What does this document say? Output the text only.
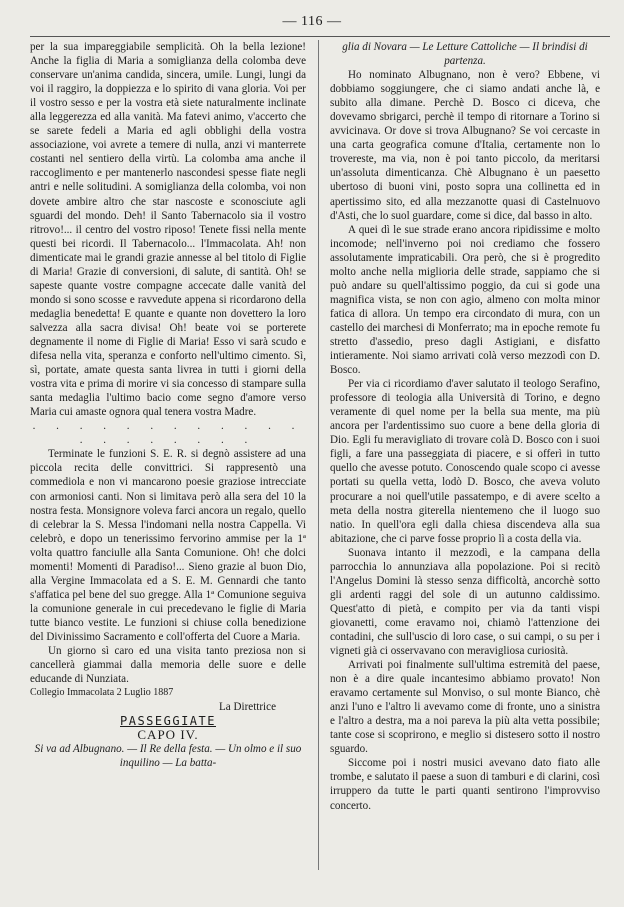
— 116 —

per la sua impareggiabile semplicità. Oh la bella lezione! Anche la figlia di Maria a somiglianza della colomba deve conservare un'anima candida, sincera, umile. Lungi, lungi da voi il raggiro, la doppiezza e lo spirito di vana gloria. Voi per il vostro sesso e per la vostra età siete naturalmente inclinate alla leggerezza ed alla vanità. Ma fatevi animo, v'accerto che se sarete fedeli a Maria ed agli obblighi della vostra associazione, voi avrete a temere di nulla, anzi vi manterrete costanti nel sentiero della virtù. La colomba ama anche il raccoglimento e per mantenerlo nascondesi spesse fiate negli antri e nelle solitudini. A somiglianza della colomba, voi non dovete ambire altro che star nascoste e sconosciute agli sguardi del mondo. Deh! il Santo Tabernacolo sia il vostro ritrovo!... il centro del vostro riposo! Tenete fissi nella mente questi bei ricordi. Il Tabernacolo... l'Immacolata. Ah! non dimenticate mai le grandi grazie annesse al bel titolo di Figlie di Maria! Grazie di conversioni, di salute, di santità. Oh! se sapeste quante vostre compagne accecate dalle vanità del mondo si sono scosse e ravvedute appena si ricordarono della medaglia benedetta! E quante e quante non dovettero la loro salvezza alla sacra divisa! Oh! beate voi se porterete degnamente il nome di Figlie di Maria! Esso vi sarà scudo e difesa nella vita, speranza e conforto nell'ultimo cimento. Sì, sì, portate, amate questa santa livrea in tutti i giorni della vostra vita e prima di morire vi sia concesso di stampare sulla santa medaglia l'ultimo bacio come segno d'amore verso Maria cui amaste ognora qual tenera vostra Madre.

. . . . . . . . . . . . . . . . . . . .

Terminate le funzioni S. E. R. si degnò assistere ad una piccola recita delle convittrici. Si rappresentò una commediola e non vi mancarono poesie graziose intrecciate con armoniosi canti. Non si limitava però alla sera del 10 la nostra festa. Monsignore voleva farci ancora un regalo, quello di celebrar la S. Messa l'indomani nella nostra Cappella. Vi celebrò, e dopo un tenerissimo fervorino ammise per la 1ª volta quattro fanciulle alla Santa Comunione. Oh! che dolci momenti! Momenti di Paradiso!... Sieno grazie al buon Dio, alla Vergine Immacolata ed a S. E. M. Gennardi che tanto s'affatica pel bene del suo gregge. Alla 1ª Comunione seguiva la comunione generale in cui precedevano le figlie di Maria tutte bianco vestite. Le funzioni si chiuse colla benedizione del Divinissimo Sacramento e coll'offerta del Cuore a Maria.

Un giorno sì caro ed una visita tanto preziosa non si cancellerà giammai dalla memoria delle suore e delle educande di Nunziata.

Collegio Immacolata 2 Luglio 1887

La Direttrice

PASSEGGIATE

CAPO IV.

Si va ad Albugnano. — Il Re della festa. — Un olmo e il suo inquilino — La batta-

glia di Novara — Le Letture Cattoliche — Il brindisi di partenza.

Ho nominato Albugnano, non è vero? Ebbene, vi dobbiamo soggiungere, che ci siamo andati anche là, e subito alla dimane. Perchè D. Bosco ci diceva, che dovevamo sbrigarci, perchè il tempo di ritornare a Torino si avvicinava. Or dove si trova Albugnano? Se voi cercaste in una carta geografica comune d'Italia, certamente non lo trovereste, ma via, non è poi tanto piccolo, da meritarsi un'assoluta dimenticanza. Chè Albugnano è un paesetto ubertoso di buoni vini, posto sopra una collinetta ed in apertissimo sito, ed alla mezzanotte quasi di Castelnuovo d'Asti, che lo suol guardare, come si dice, dal basso in alto.

A quei dì le sue strade erano ancora ripidissime e molto incomode; nell'inverno poi noi crediamo che fossero assolutamente impraticabili. Ora però, che si è progredito molto anche nella miglioria delle strade, sappiamo che si può andare su quell'altissimo poggio, da cui si gode una magnifica vista, se non con agio, almeno con molta minor fatica di allora. Un tempo era circondato di mura, con un castello dei marchesi di Monferrato; ma in epoche remote fu stretto d'assedio, preso dagli Astigiani, e disfatto intieramente. Noi siamo arrivati colà verso mezzodì con D. Bosco.

Per via ci ricordiamo d'aver salutato il teologo Serafino, professore di teologia alla Università di Torino, e degno veramente di quel nome per la bella sua mente, ma più ancora per l'ardentissimo suo cuore a bene della gloria di Dio. Egli fu meravigliato di trovare colà D. Bosco con i suoi figli, a fare una passeggiata di piacere, e si offerì in tutto quello che avesse potuto. Conoscendo quale scopo ci avesse portati su quella vetta, lodò D. Bosco, che aveva voluto procurare a noi quell'utile passatempo, e di avere scelto a meta della nostra giterella nientemeno che il luogo suo natio. In quell'ora egli dalla chiesa discendeva alla sua abitazione, che ci parve fosse proprio lì a costa della via.

Suonava intanto il mezzodì, e la campana della parrocchia lo annunziava alla popolazione. Poi si recitò l'Angelus Domini là stesso senza difficoltà, ancorchè sotto gli ardenti raggi del sole di un autunno caldissimo. Quest'atto di pietà, e compito per via da tanti vispi giovanetti, come eravamo noi, chiamò l'attenzione dei contadini, che sull'uscio di loro case, o sui campi, o su per i vigneti già ci osservavano con meravigliosa curiosità.

Arrivati poi finalmente sull'ultima estremità del paese, non è a dire quale incantesimo abbiamo provato! Non eravamo certamente sul Monviso, o sul monte Bianco, chè anzi l'uno e l'altro li avevamo come di fronte, uno a sinistra e l'altro a destra, ma a noi pareva la più alta vetta possibile; tante cose si scoprirono, e meglio si distesero sotto il nostro sguardo.

Siccome poi i nostri musici avevano dato fiato alle trombe, e salutato il paese a suon di tamburi e di clarini, così irruppero da tutte le parti quanti sentirono l'improvviso concerto.
